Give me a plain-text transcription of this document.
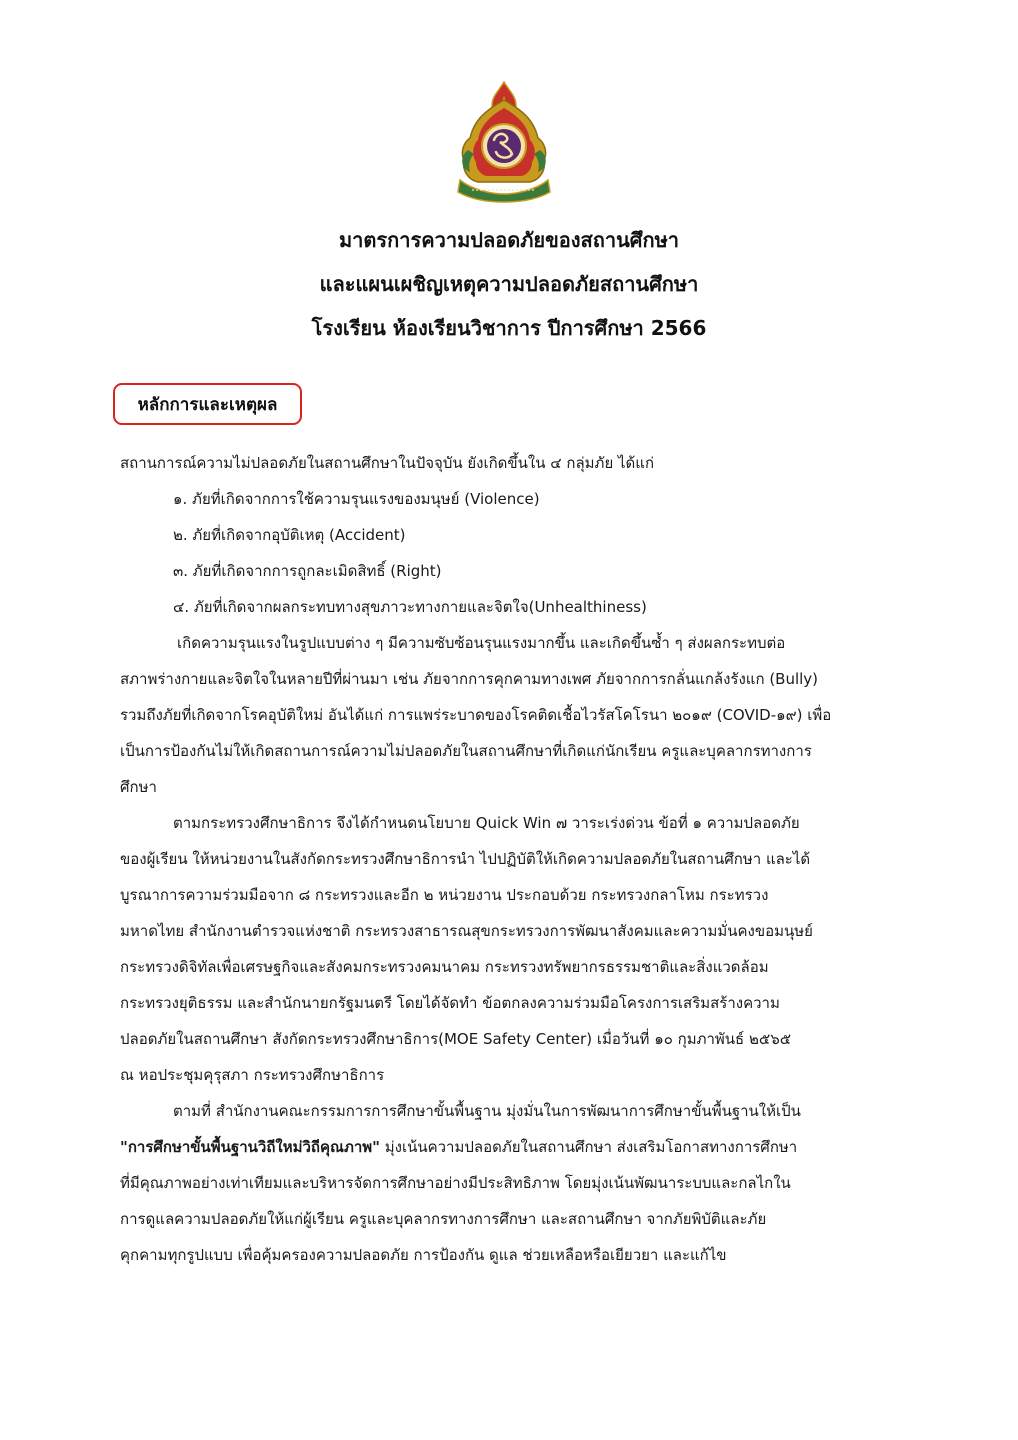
มาตรการความปลอดภัยของสถานศึกษา
และแผนเผชิญเหตุความปลอดภัยสถานศึกษา
โรงเรียน ห้องเรียนวิชาการ ปีการศึกษา 2566
หลักการและเหตุผล
สถานการณ์ความไม่ปลอดภัยในสถานศึกษาในปัจจุบัน ยังเกิดขึ้นใน ๔ กลุ่มภัย ได้แก่
๑. ภัยที่เกิดจากการใช้ความรุนแรงของมนุษย์ (Violence)
๒. ภัยที่เกิดจากอุบัติเหตุ (Accident)
๓. ภัยที่เกิดจากการถูกละเมิดสิทธิ์ (Right)
๔. ภัยที่เกิดจากผลกระทบทางสุขภาวะทางกายและจิตใจ(Unhealthiness)
เกิดความรุนแรงในรูปแบบต่าง ๆ มีความซับซ้อนรุนแรงมากขึ้น และเกิดขึ้นซ้ำ ๆ ส่งผลกระทบต่อ
สภาพร่างกายและจิตใจในหลายปีที่ผ่านมา เช่น ภัยจากการคุกคามทางเพศ ภัยจากการกลั่นแกล้งรังแก (Bully)
รวมถึงภัยที่เกิดจากโรคอุบัติใหม่ อันได้แก่ การแพร่ระบาดของโรคติดเชื้อไวรัสโคโรนา ๒๐๑๙ (COVID-๑๙) เพื่อ
เป็นการป้องกันไม่ให้เกิดสถานการณ์ความไม่ปลอดภัยในสถานศึกษาที่เกิดแก่นักเรียน ครูและบุคลากรทางการ
ศึกษา
ตามกระทรวงศึกษาธิการ จึงได้กำหนดนโยบาย Quick Win ๗ วาระเร่งด่วน ข้อที่ ๑ ความปลอดภัย
ของผู้เรียน ให้หน่วยงานในสังกัดกระทรวงศึกษาธิการนำ ไปปฏิบัติให้เกิดความปลอดภัยในสถานศึกษา และได้
บูรณาการความร่วมมือจาก ๘ กระทรวงและอีก ๒ หน่วยงาน ประกอบด้วย กระทรวงกลาโหม กระทรวง
มหาดไทย สำนักงานตำรวจแห่งชาติ กระทรวงสาธารณสุขกระทรวงการพัฒนาสังคมและความมั่นคงขอมนุษย์
กระทรวงดิจิทัลเพื่อเศรษฐกิจและสังคมกระทรวงคมนาคม กระทรวงทรัพยากรธรรมชาติและสิ่งแวดล้อม
กระทรวงยุติธรรม และสำนักนายกรัฐมนตรี โดยได้จัดทำ ข้อตกลงความร่วมมือโครงการเสริมสร้างความ
ปลอดภัยในสถานศึกษา สังกัดกระทรวงศึกษาธิการ(MOE Safety Center) เมื่อวันที่ ๑๐ กุมภาพันธ์ ๒๕๖๕
ณ หอประชุมคุรุสภา กระทรวงศึกษาธิการ
ตามที่ สำนักงานคณะกรรมการการศึกษาขั้นพื้นฐาน มุ่งมั่นในการพัฒนาการศึกษาขั้นพื้นฐานให้เป็น
"การศึกษาขั้นพื้นฐานวิถีใหม่วิถีคุณภาพ" มุ่งเน้นความปลอดภัยในสถานศึกษา ส่งเสริมโอกาสทางการศึกษา
ที่มีคุณภาพอย่างเท่าเทียมและบริหารจัดการศึกษาอย่างมีประสิทธิภาพ โดยมุ่งเน้นพัฒนาระบบและกลไกใน
การดูแลความปลอดภัยให้แก่ผู้เรียน ครูและบุคลากรทางการศึกษา และสถานศึกษา จากภัยพิบัติและภัย
คุกคามทุกรูปแบบ เพื่อคุ้มครองความปลอดภัย การป้องกัน ดูแล ช่วยเหลือหรือเยียวยา และแก้ไข
